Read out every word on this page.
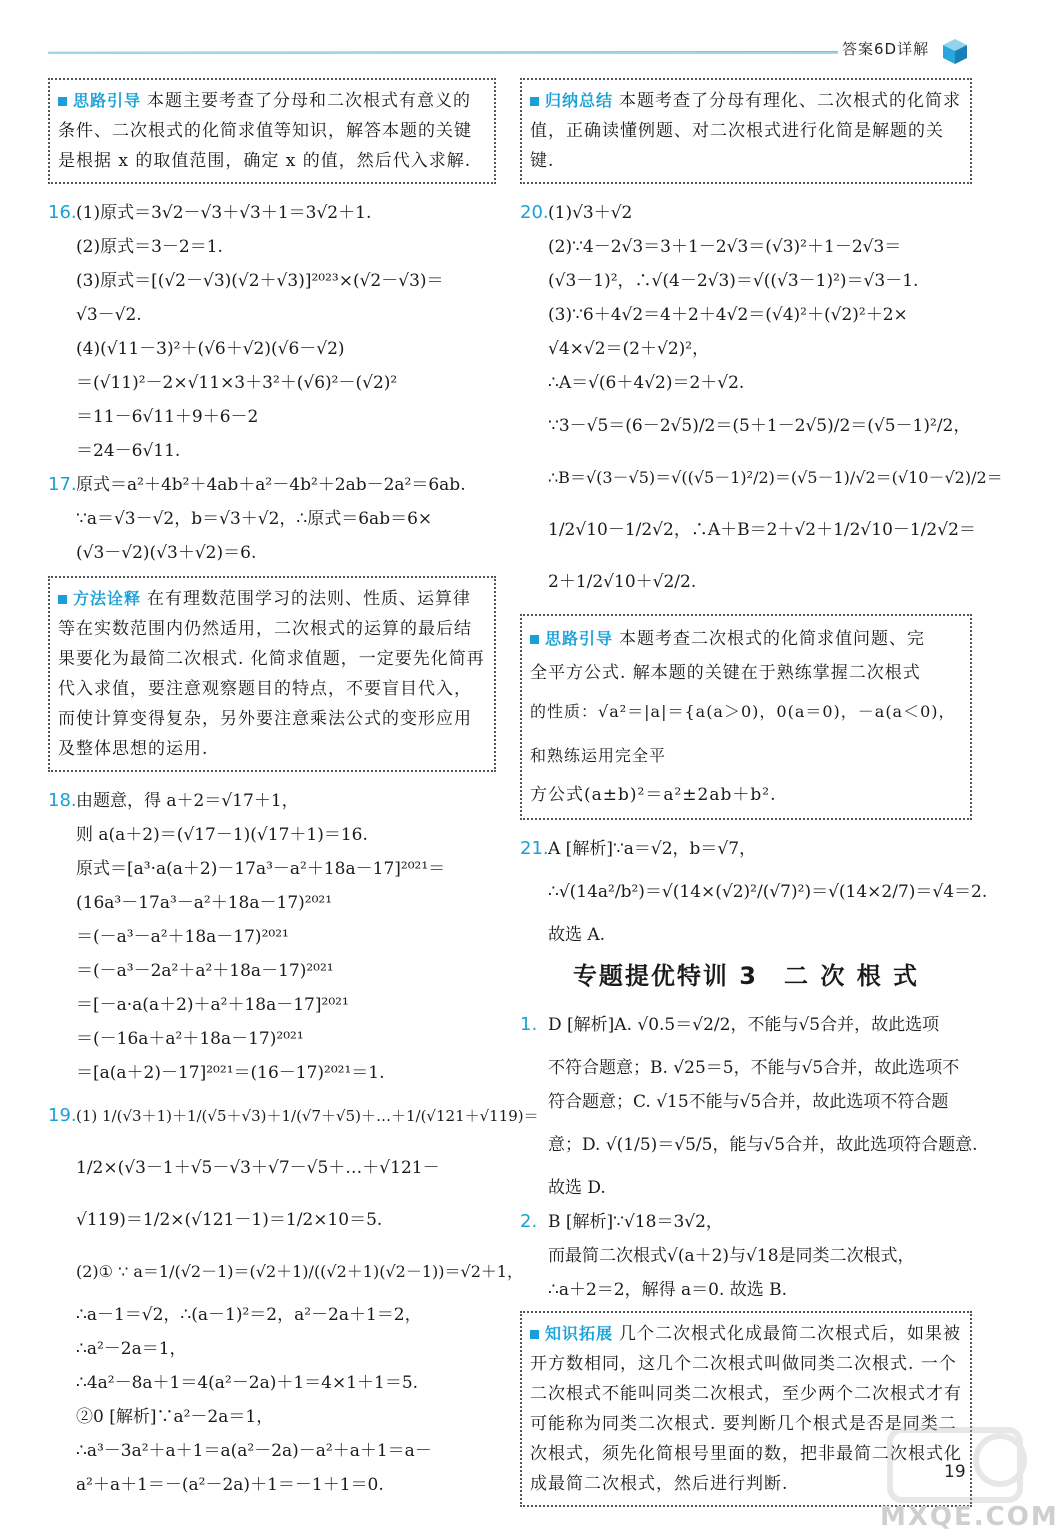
答案6D详解
思路引导 本题主要考查了分母和二次根式有意义的条件、二次根式的化简求值等知识，解答本题的关键是根据 x 的取值范围，确定 x 的值，然后代入求解.

16.(1)原式＝3√2－√3＋√3＋1＝3√2＋1.

(2)原式＝3－2＝1.

(3)原式＝[(√2－√3)(√2＋√3)]²⁰²³×(√2－√3)＝

√3－√2.

(4)(√11－3)²＋(√6＋√2)(√6－√2)

＝(√11)²－2×√11×3＋3²＋(√6)²－(√2)²

＝11－6√11＋9＋6－2

＝24－6√11.

17.原式＝a²＋4b²＋4ab＋a²－4b²＋2ab－2a²＝6ab.

∵a＝√3－√2，b＝√3＋√2，∴原式＝6ab＝6×

(√3－√2)(√3＋√2)＝6.

方法诠释 在有理数范围学习的法则、性质、运算律等在实数范围内仍然适用，二次根式的运算的最后结果要化为最简二次根式. 化简求值题，一定要先化简再代入求值，要注意观察题目的特点，不要盲目代入，而使计算变得复杂，另外要注意乘法公式的变形应用及整体思想的运用.

18.由题意，得 a＋2＝√17＋1，

则 a(a＋2)＝(√17－1)(√17＋1)＝16.

原式＝[a³·a(a＋2)－17a³－a²＋18a－17]²⁰²¹＝

(16a³－17a³－a²＋18a－17)²⁰²¹

＝(－a³－a²＋18a－17)²⁰²¹

＝(－a³－2a²＋a²＋18a－17)²⁰²¹

＝[－a·a(a＋2)＋a²＋18a－17]²⁰²¹

＝(－16a＋a²＋18a－17)²⁰²¹

＝[a(a＋2)－17]²⁰²¹＝(16－17)²⁰²¹＝1.

19.(1) 1/(√3＋1)＋1/(√5＋√3)＋1/(√7＋√5)＋…＋1/(√121＋√119)＝

1/2×(√3－1＋√5－√3＋√7－√5＋…＋√121－

√119)＝1/2×(√121－1)＝1/2×10＝5.

(2)① ∵ a＝1/(√2－1)＝(√2＋1)/((√2＋1)(√2－1))＝√2＋1，

∴a－1＝√2，∴(a－1)²＝2，a²－2a＋1＝2，

∴a²－2a＝1，

∴4a²－8a＋1＝4(a²－2a)＋1＝4×1＋1＝5.

②0 [解析]∵a²－2a＝1，

∴a³－3a²＋a＋1＝a(a²－2a)－a²＋a＋1＝a－

a²＋a＋1＝－(a²－2a)＋1＝－1＋1＝0.

归纳总结 本题考查了分母有理化、二次根式的化简求值，正确读懂例题、对二次根式进行化简是解题的关键.

20.(1)√3＋√2

(2)∵4－2√3＝3＋1－2√3＝(√3)²＋1－2√3＝

(√3－1)²，∴√(4－2√3)＝√((√3－1)²)＝√3－1.

(3)∵6＋4√2＝4＋2＋4√2＝(√4)²＋(√2)²＋2×

√4×√2＝(2＋√2)²，

∴A＝√(6＋4√2)＝2＋√2.

∵3－√5＝(6－2√5)/2＝(5＋1－2√5)/2＝(√5－1)²/2，

∴B＝√(3－√5)＝√((√5－1)²/2)＝(√5－1)/√2＝(√10－√2)/2＝

1/2√10－1/2√2，∴A＋B＝2＋√2＋1/2√10－1/2√2＝

2＋1/2√10＋√2/2.

思路引导 本题考查二次根式的化简求值问题、完
全平方公式. 解本题的关键在于熟练掌握二次根式
的性质：√a²＝|a|＝{a(a＞0)，0(a＝0)，－a(a＜0)，和熟练运用完全平
方公式(a±b)²＝a²±2ab＋b².

21.A [解析]∵a＝√2，b＝√7，

∴√(14a²/b²)＝√(14×(√2)²/(√7)²)＝√(14×2/7)＝√4＝2.

故选 A.

专题提优特训 3　二 次 根 式

1. D [解析]A. √0.5＝√2/2，不能与√5合并，故此选项

不符合题意；B. √25＝5，不能与√5合并，故此选项不

符合题意；C. √15不能与√5合并，故此选项不符合题

意；D. √(1/5)＝√5/5，能与√5合并，故此选项符合题意.

故选 D.

2. B [解析]∵√18＝3√2，

而最简二次根式√(a＋2)与√18是同类二次根式，

∴a＋2＝2，解得 a＝0. 故选 B.

知识拓展 几个二次根式化成最简二次根式后，如果被开方数相同，这几个二次根式叫做同类二次根式. 一个二次根式不能叫同类二次根式，至少两个二次根式才有可能称为同类二次根式. 要判断几个根式是否是同类二次根式，须先化简根号里面的数，把非最简二次根式化成最简二次根式，然后进行判断.
19
MXQE.COM
